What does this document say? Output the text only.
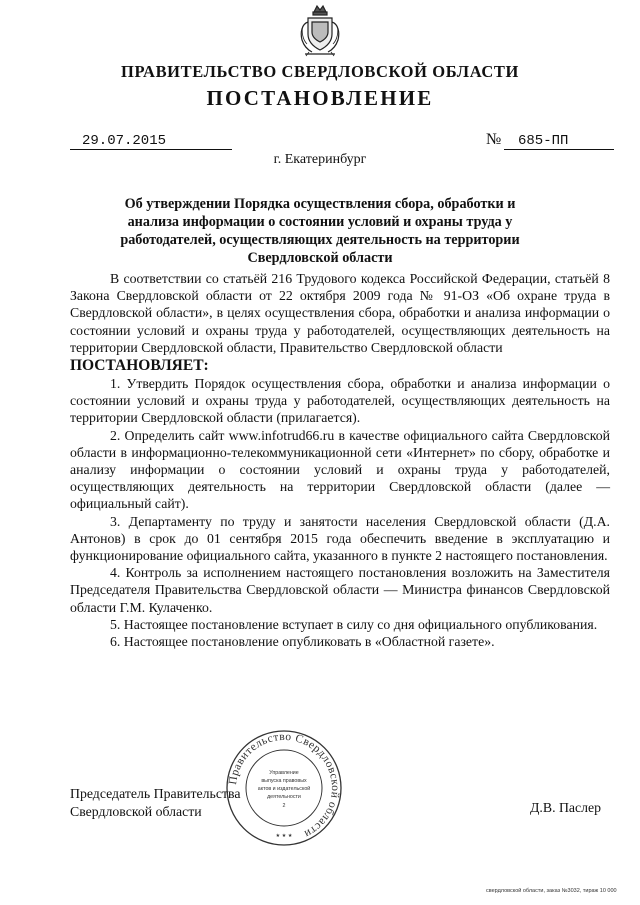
ПРАВИТЕЛЬСТВО СВЕРДЛОВСКОЙ ОБЛАСТИ
ПОСТАНОВЛЕНИЕ
29.07.2015	№	685-ПП
г. Екатеринбург
Об утверждении Порядка осуществления сбора, обработки и анализа информации о состоянии условий и охраны труда у работодателей, осуществляющих деятельность на территории Свердловской области

В соответствии со статьёй 216 Трудового кодекса Российской Федерации, статьёй 8 Закона Свердловской области от 22 октября 2009 года № 91-ОЗ «Об охране труда в Свердловской области», в целях осуществления сбора, обработки и анализа информации о состоянии условий и охраны труда у работодателей, осуществляющих деятельность на территории Свердловской области, Правительство Свердловской области

ПОСТАНОВЛЯЕТ:

1. Утвердить Порядок осуществления сбора, обработки и анализа информации о состоянии условий и охраны труда у работодателей, осуществляющих деятельность на территории Свердловской области (прилагается).

2. Определить сайт www.infotrud66.ru в качестве официального сайта Свердловской области в информационно-телекоммуникационной сети «Интернет» по сбору, обработке и анализу информации о состоянии условий и охраны труда у работодателей, осуществляющих деятельность на территории Свердловской области (далее — официальный сайт).

3. Департаменту по труду и занятости населения Свердловской области (Д.А. Антонов) в срок до 01 сентября 2015 года обеспечить введение в эксплуатацию и функционирование официального сайта, указанного в пункте 2 настоящего постановления.

4. Контроль за исполнением настоящего постановления возложить на Заместителя Председателя Правительства Свердловской области — Министра финансов Свердловской области Г.М. Кулаченко.

5. Настоящее постановление вступает в силу со дня официального опубликования.

6. Настоящее постановление опубликовать в «Областной газете».

Правительство Свердловской области
Управление
выпуска правовых
актов и издательской
деятельности
2
★ ★ ★
Председатель Правительства
Свердловской области	Д.В. Паслер
свердловской области, заказ №3032, тираж 10 000
